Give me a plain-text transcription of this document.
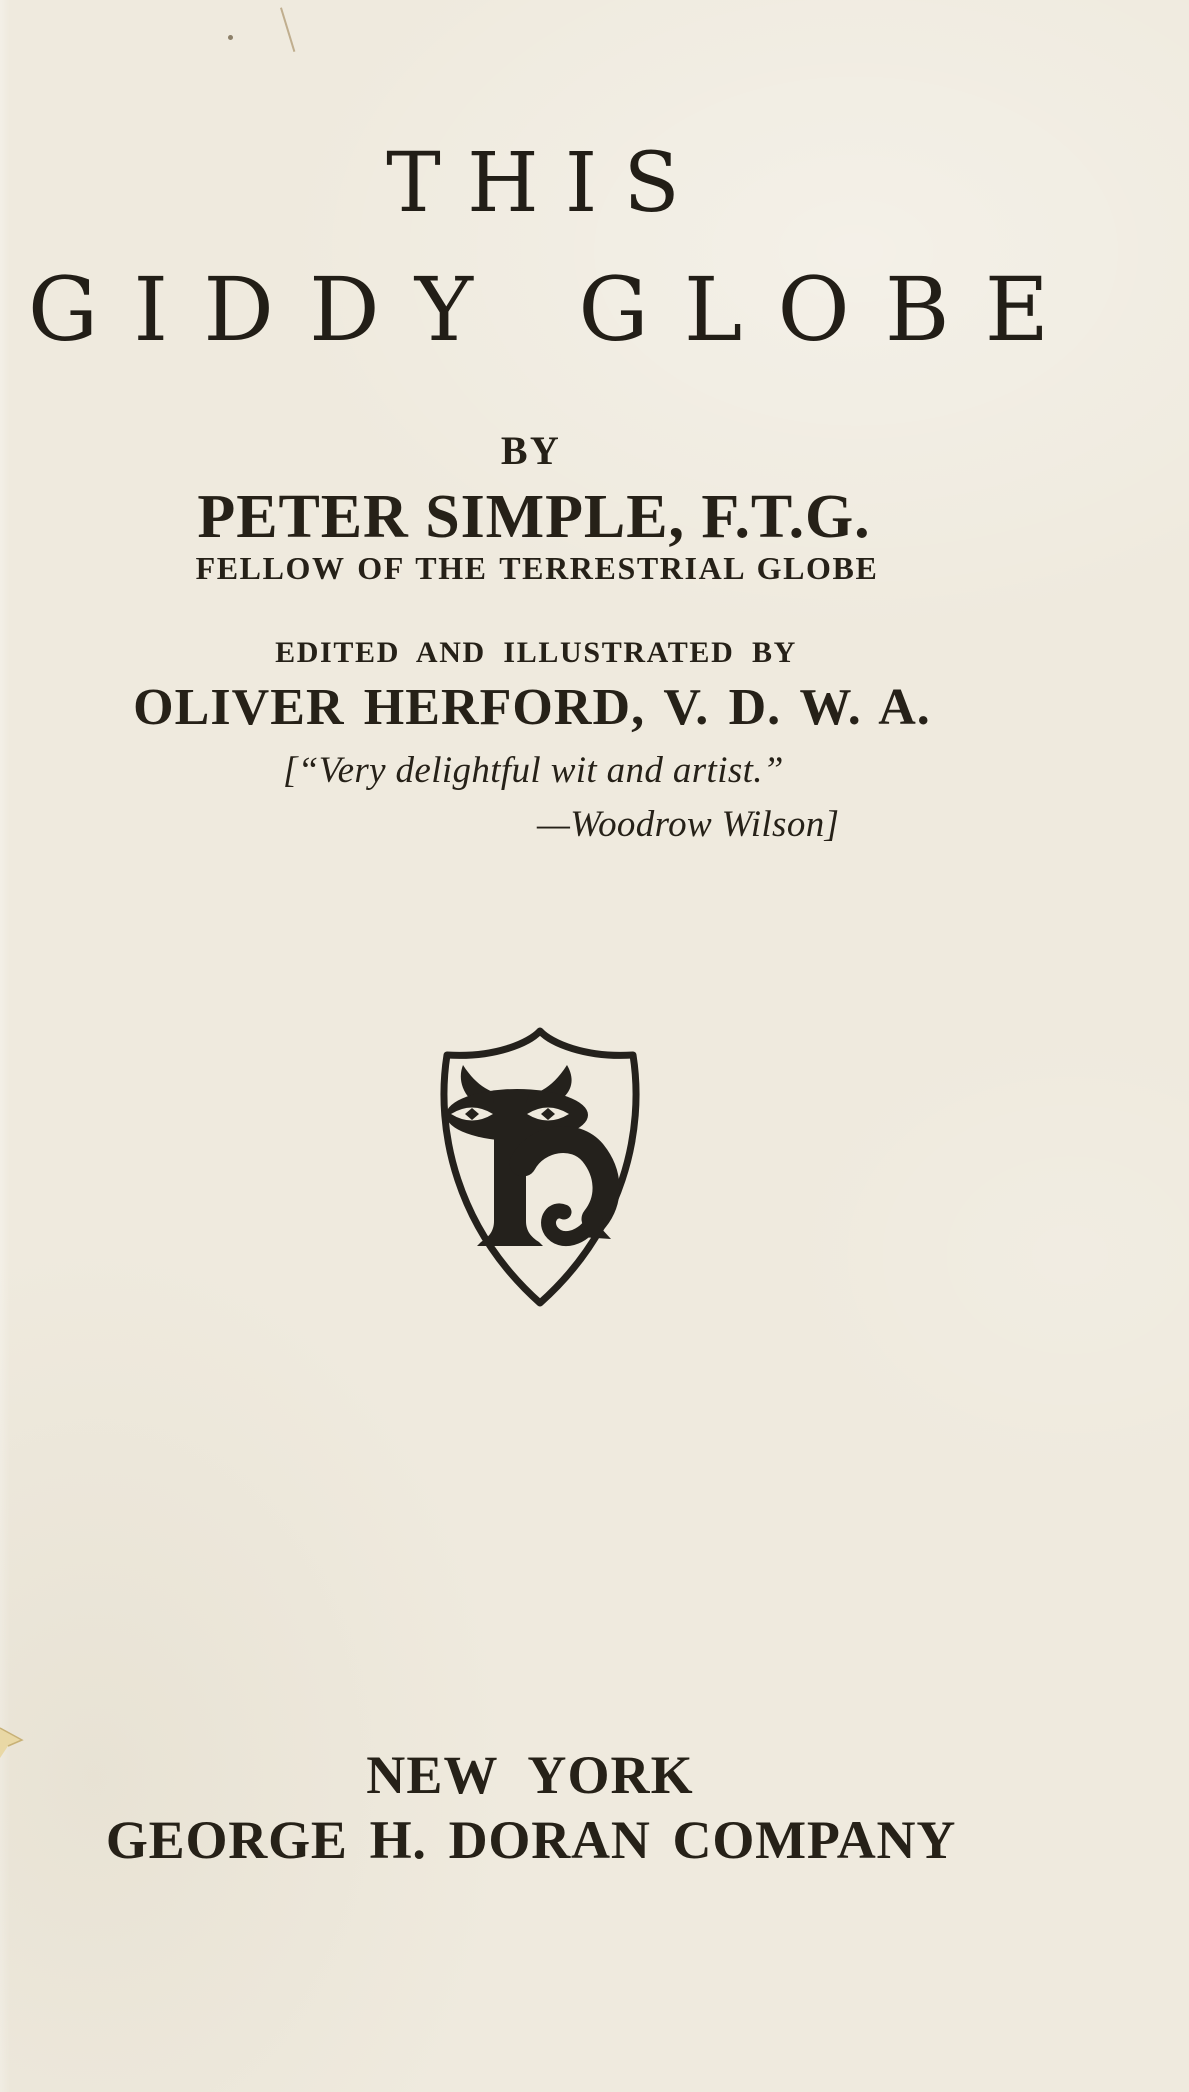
THIS
GIDDY GLOBE
BY
PETER SIMPLE, F.T.G.
FELLOW OF THE TERRESTRIAL GLOBE
EDITED AND ILLUSTRATED BY
OLIVER HERFORD, V. D. W. A.
[“Very delightful wit and artist.”
—Woodrow Wilson]
NEW YORK
GEORGE H. DORAN COMPANY
